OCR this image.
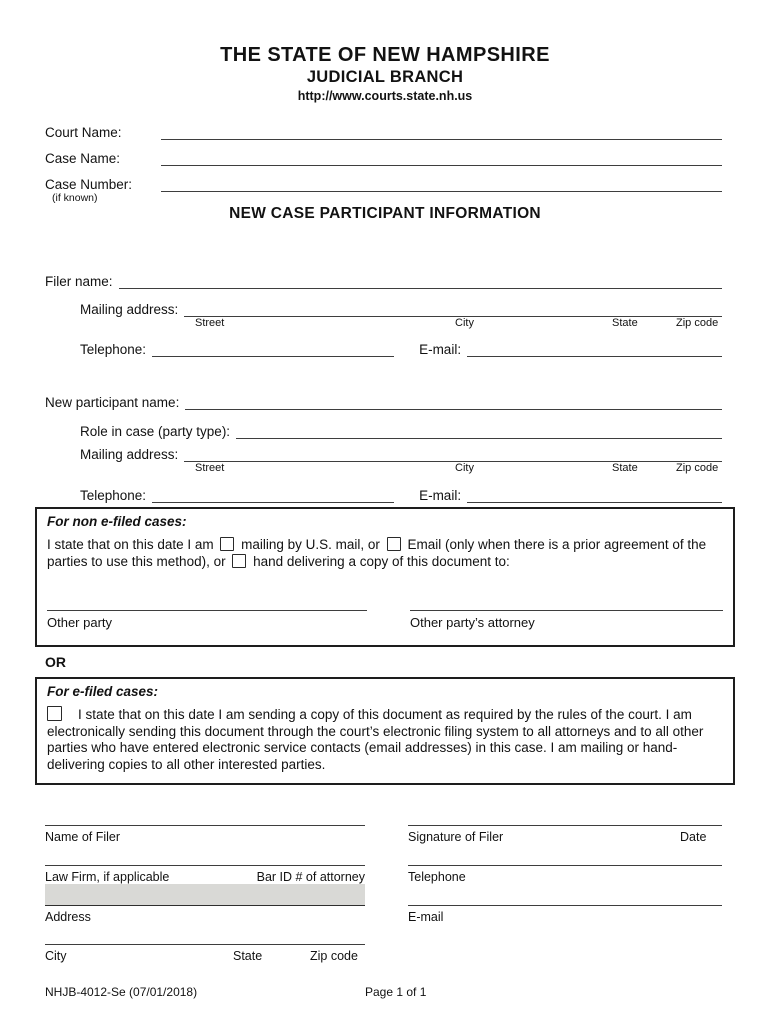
THE STATE OF NEW HAMPSHIRE
JUDICIAL BRANCH
http://www.courts.state.nh.us
Court Name:
Case Name:
Case Number:
(if known)
NEW CASE PARTICIPANT INFORMATION
Filer name:
Mailing address:
Street	City	State	Zip code
Telephone:	E-mail:
New participant name:
Role in case (party type):
Mailing address:
Street	City	State	Zip code
Telephone:	E-mail:
For non e-filed cases:
I state that on this date I am mailing by U.S. mail, or Email (only when there is a prior agreement of the parties to use this method), or hand delivering a copy of this document to:
Other party	Other party’s attorney
OR
For e-filed cases:
I state that on this date I am sending a copy of this document as required by the rules of the court. I am electronically sending this document through the court’s electronic filing system to all attorneys and to all other parties who have entered electronic service contacts (email addresses) in this case. I am mailing or hand-delivering copies to all other interested parties.
Name of Filer	Signature of Filer	Date
Law Firm, if applicable	Bar ID # of attorney	Telephone
Address	E-mail
City	State	Zip code
NHJB-4012-Se (07/01/2018)	Page 1 of 1
